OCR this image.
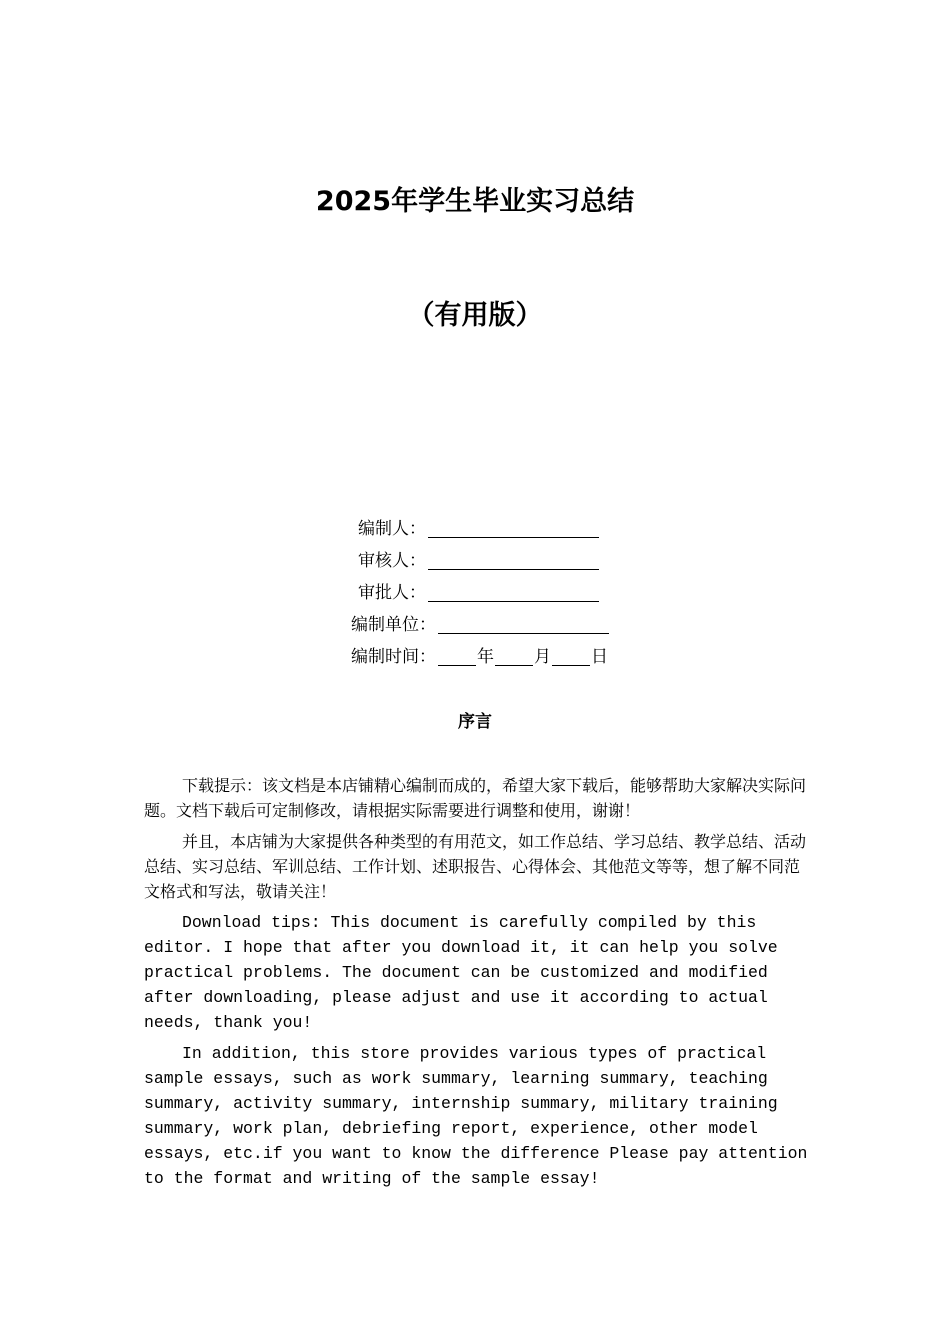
2025年学生毕业实习总结
（有用版）
编制人：
审核人：
审批人：
编制单位：
编制时间： 年 月 日
序言

下载提示：该文档是本店铺精心编制而成的，希望大家下载后，能够帮助大家解决实际问题。文档下载后可定制修改，请根据实际需要进行调整和使用，谢谢！

并且，本店铺为大家提供各种类型的有用范文，如工作总结、学习总结、教学总结、活动总结、实习总结、军训总结、工作计划、述职报告、心得体会、其他范文等等，想了解不同范文格式和写法，敬请关注！

Download tips: This document is carefully compiled by this editor. I hope that after you download it, it can help you solve practical problems. The document can be customized and modified after downloading, please adjust and use it according to actual needs, thank you!

In addition, this store provides various types of practical sample essays, such as work summary, learning summary, teaching summary, activity summary, internship summary, military training summary, work plan, debriefing report, experience, other model essays, etc.if you want to know the difference Please pay attention to the format and writing of the sample essay!
